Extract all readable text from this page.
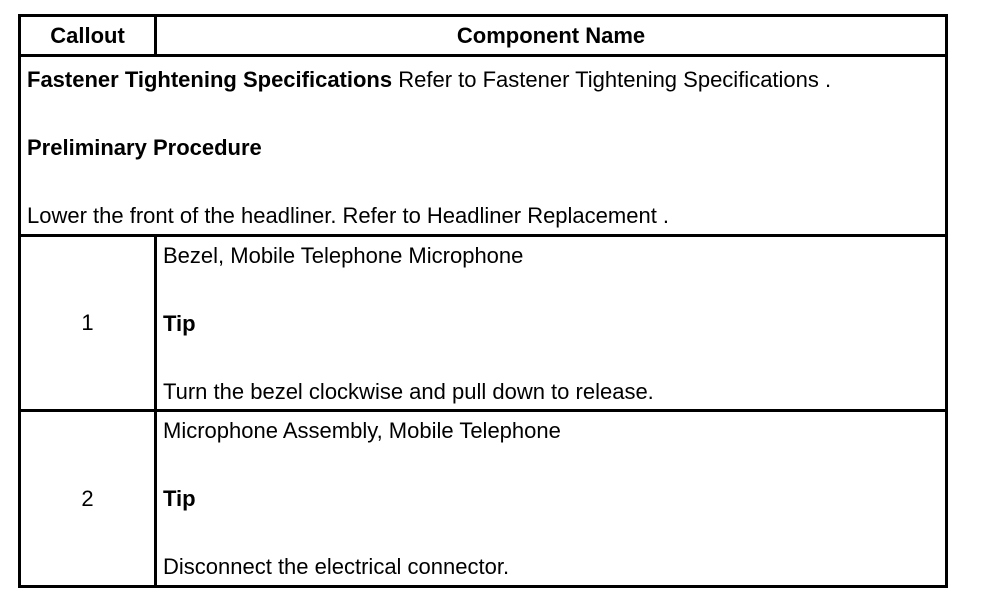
Callout	Component Name
Fastener Tightening Specifications Refer to Fastener Tightening Specifications .
Preliminary Procedure
Lower the front of the headliner. Refer to Headliner Replacement .
1
Bezel, Mobile Telephone Microphone
Tip
Turn the bezel clockwise and pull down to release.
2
Microphone Assembly, Mobile Telephone
Tip
Disconnect the electrical connector.
